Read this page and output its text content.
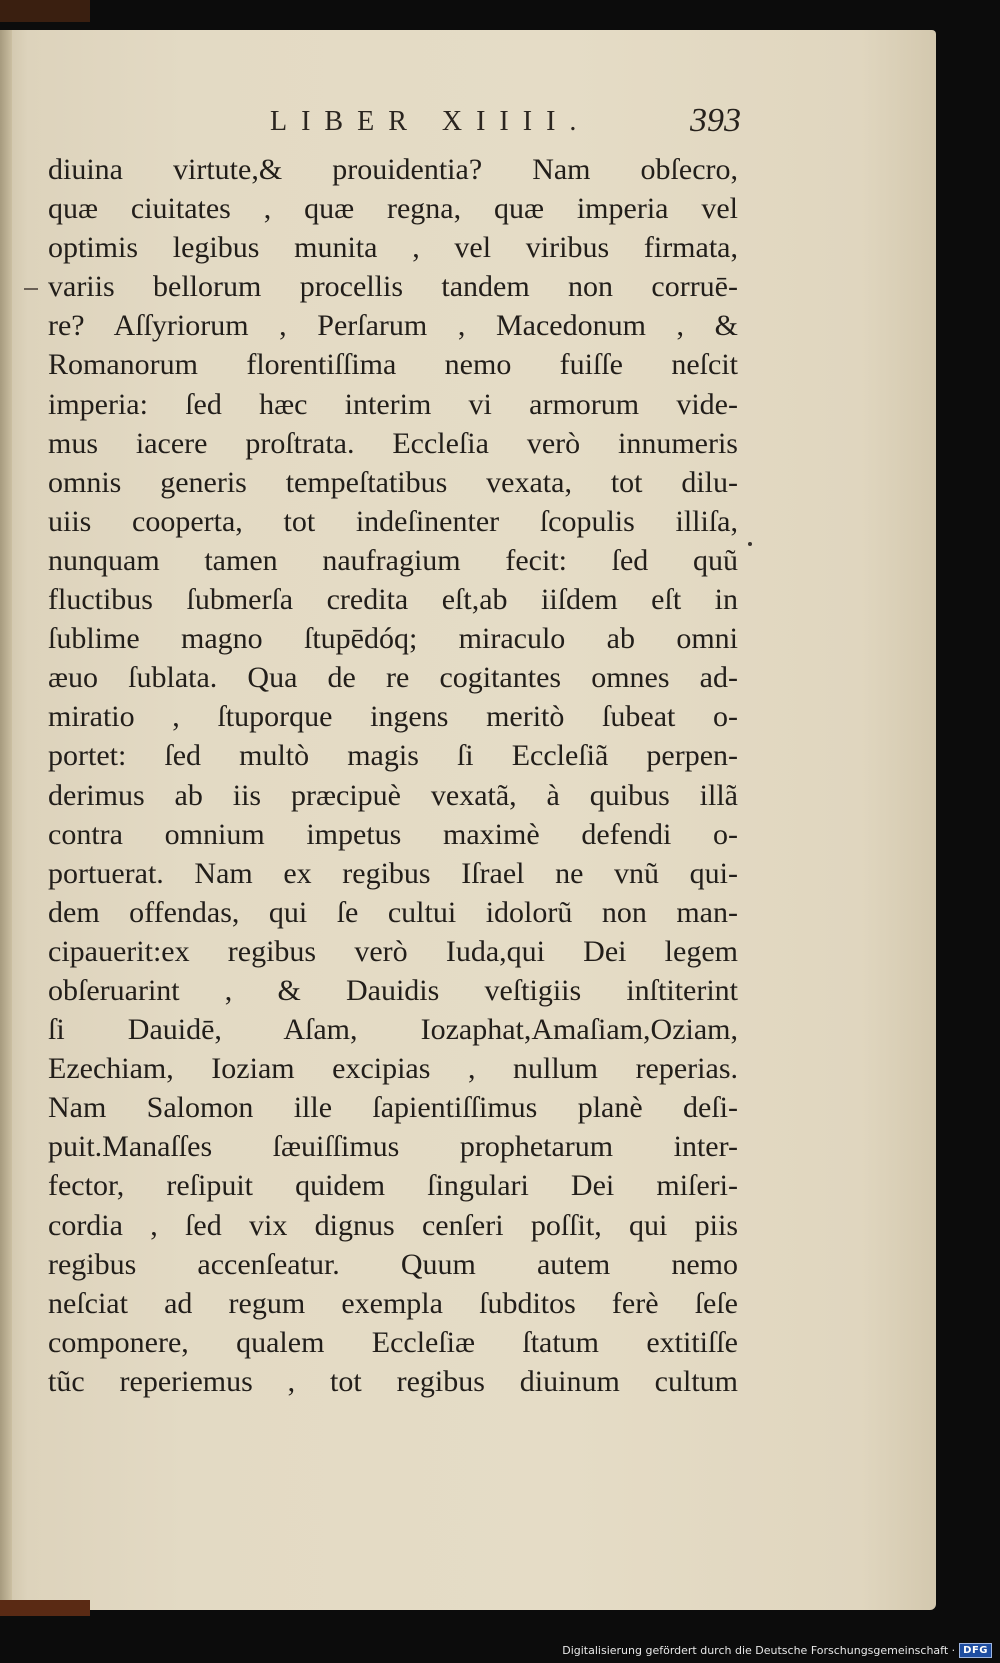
LIBER XIIII.	393
diuina virtute,& prouidentia? Nam obſecro,
quæ ciuitates , quæ regna, quæ imperia vel
optimis legibus munita , vel viribus firmata,
variis bellorum procellis tandem non corruē-
re? Aſſyriorum , Perſarum , Macedonum , &
Romanorum florentiſſima nemo fuiſſe neſcit
imperia: ſed hæc interim vi armorum vide-
mus iacere proſtrata. Eccleſia verò innumeris
omnis generis tempeſtatibus vexata, tot dilu-
uiis cooperta, tot indeſinenter ſcopulis illiſa,
nunquam tamen naufragium fecit: ſed quũ
fluctibus ſubmerſa credita eſt,ab iiſdem eſt in
ſublime magno ſtupēdóq; miraculo ab omni
æuo ſublata. Qua de re cogitantes omnes ad-
miratio , ſtuporque ingens meritò ſubeat o-
portet: ſed multò magis ſi Eccleſiã perpen-
derimus ab iis præcipuè vexatã, à quibus illã
contra omnium impetus maximè defendi o-
portuerat. Nam ex regibus Iſrael ne vnũ qui-
dem offendas, qui ſe cultui idolorũ non man-
cipauerit:ex regibus verò Iuda,qui Dei legem
obſeruarint , & Dauidis veſtigiis inſtiterint
ſi Dauidē, Aſam, Iozaphat,Amaſiam,Oziam,
Ezechiam, Ioziam excipias , nullum reperias.
Nam Salomon ille ſapientiſſimus planè deſi-
puit.Manaſſes ſæuiſſimus prophetarum inter-
fector, reſipuit quidem ſingulari Dei miſeri-
cordia , ſed vix dignus cenſeri poſſit, qui piis
regibus accenſeatur. Quum autem nemo
neſciat ad regum exempla ſubditos ferè ſeſe
componere, qualem Eccleſiæ ſtatum extitiſſe
tũc reperiemus , tot regibus diuinum cultum
Digitalisierung gefördert durch die Deutsche Forschungsgemeinschaft · DFG
